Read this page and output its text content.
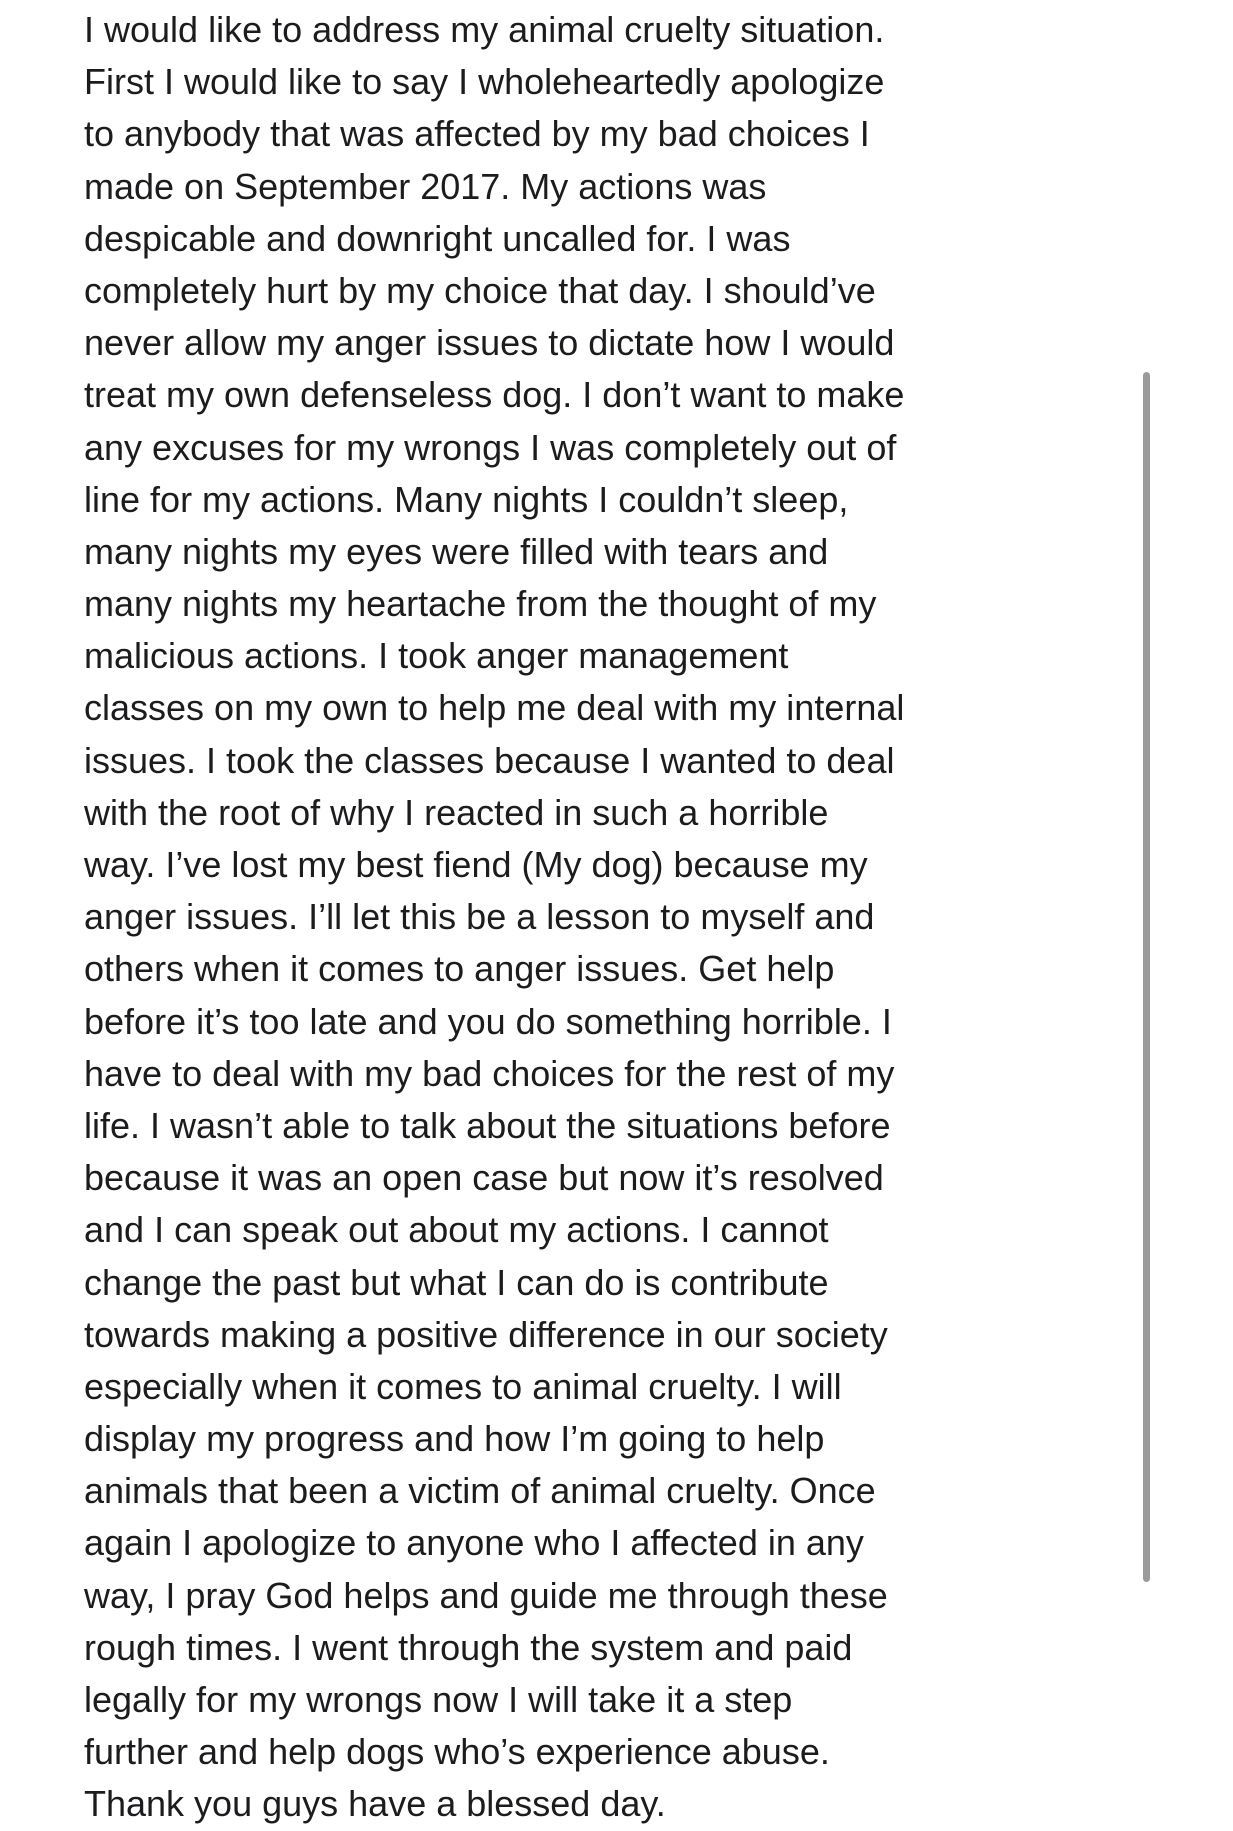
I would like to address my animal cruelty situation.
First I would like to say I wholeheartedly apologize
to anybody that was affected by my bad choices I
made on September 2017. My actions was
despicable and downright uncalled for. I was
completely hurt by my choice that day. I should’ve
never allow my anger issues to dictate how I would
treat my own defenseless dog. I don’t want to make
any excuses for my wrongs I was completely out of
line for my actions. Many nights I couldn’t sleep,
many nights my eyes were filled with tears and
many nights my heartache from the thought of my
malicious actions. I took anger management
classes on my own to help me deal with my internal
issues. I took the classes because I wanted to deal
with the root of why I reacted in such a horrible
way. I’ve lost my best fiend (My dog) because my
anger issues. I’ll let this be a lesson to myself and
others when it comes to anger issues. Get help
before it’s too late and you do something horrible. I
have to deal with my bad choices for the rest of my
life. I wasn’t able to talk about the situations before
because it was an open case but now it’s resolved
and I can speak out about my actions. I cannot
change the past but what I can do is contribute
towards making a positive difference in our society
especially when it comes to animal cruelty. I will
display my progress and how I’m going to help
animals that been a victim of animal cruelty. Once
again I apologize to anyone who I affected in any
way, I pray God helps and guide me through these
rough times. I went through the system and paid
legally for my wrongs now I will take it a step
further and help dogs who’s experience abuse.
Thank you guys have a blessed day.
